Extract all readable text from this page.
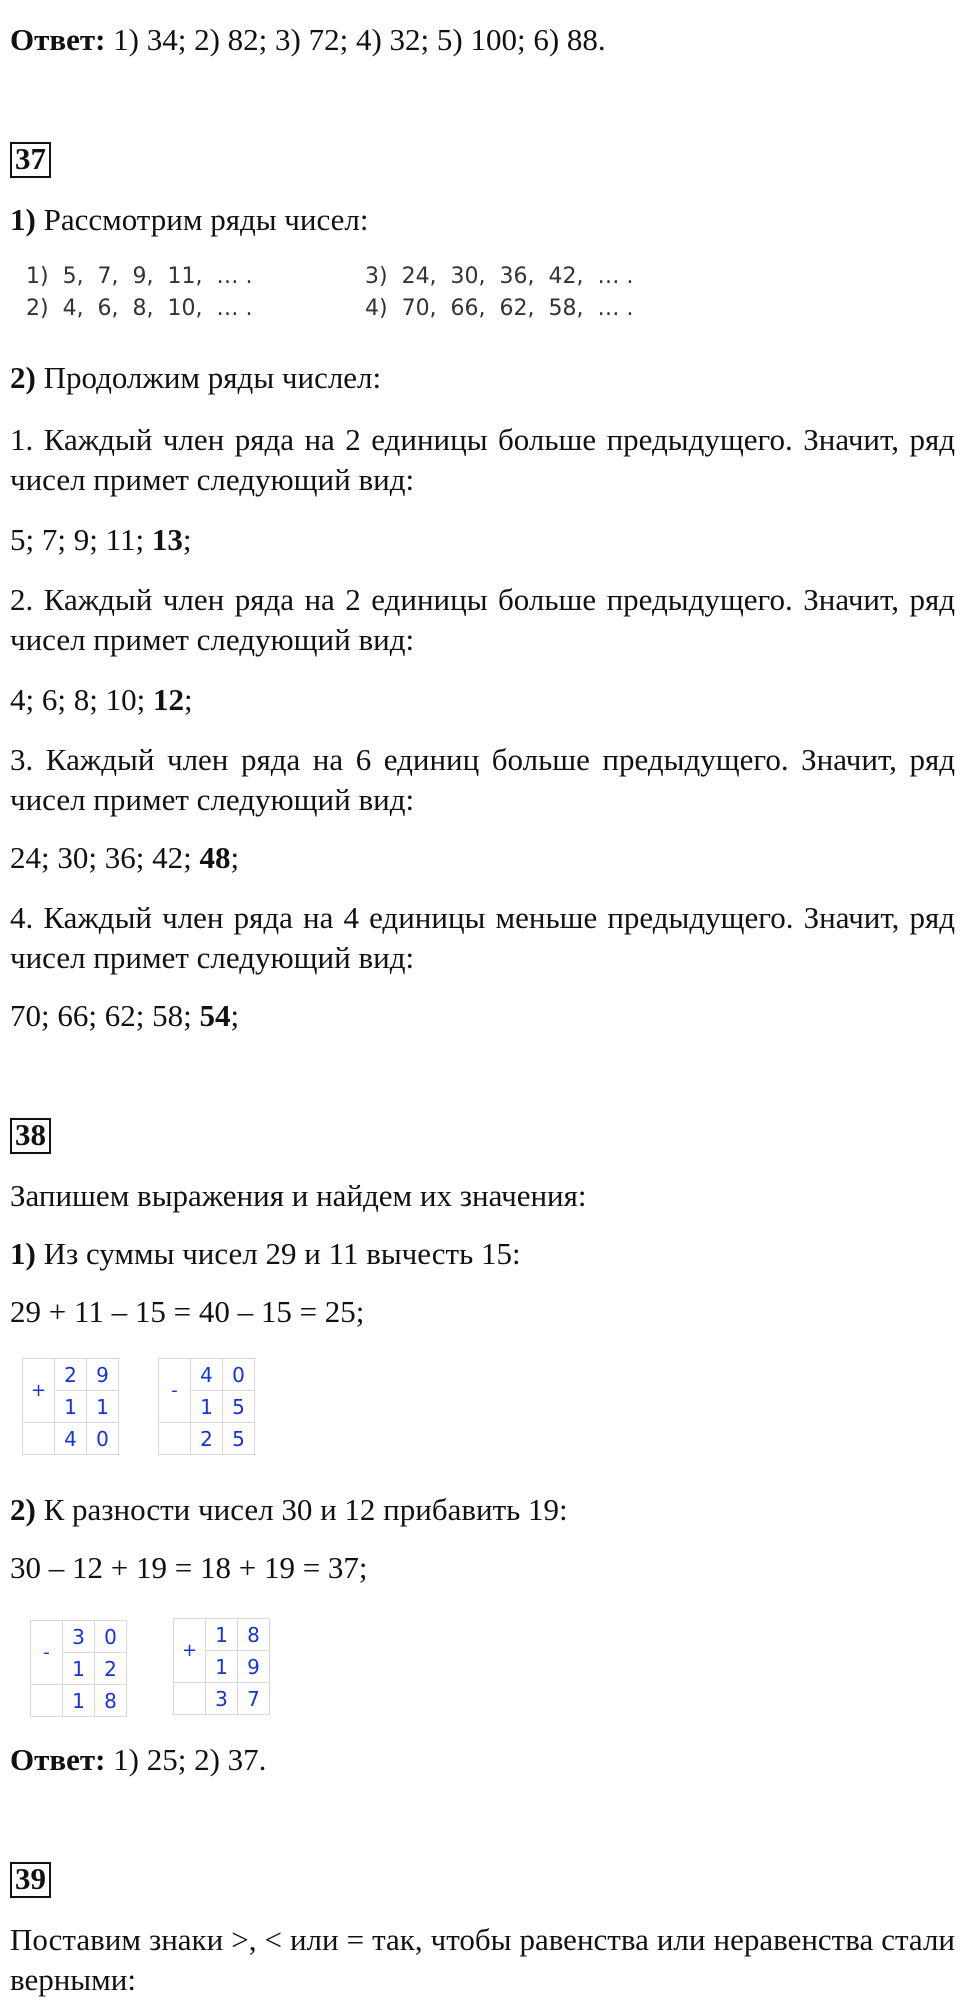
Ответ: 1) 34; 2) 82; 3) 72; 4) 32; 5) 100; 6) 88.

37

1) Рассмотрим ряды чисел:

1)  5,  7,  9,  11,  … .
2)  4,  6,  8,  10,  … .
3)  24,  30,  36,  42,  … .
4)  70,  66,  62,  58,  … .

2) Продолжим ряды числел:

1. Каждый член ряда на 2 единицы больше предыдущего. Значит, ряд чисел примет следующий вид:

5; 7; 9; 11; 13;

2. Каждый член ряда на 2 единицы больше предыдущего. Значит, ряд чисел примет следующий вид:

4; 6; 8; 10; 12;

3. Каждый член ряда на 6 единиц больше предыдущего. Значит, ряд чисел примет следующий вид:

24; 30; 36; 42; 48;

4. Каждый член ряда на 4 единицы меньше предыдущего. Значит, ряд чисел примет следующий вид:

70; 66; 62; 58; 54;

38

Запишем выражения и найдем их значения:

1) Из суммы чисел 29 и 11 вычесть 15:

29 + 11 – 15 = 40 – 15 = 25;

+	2	9
	1	1
	4	0
-	4	0
	1	5
	2	5

2) К разности чисел 30 и 12 прибавить 19:

30 – 12 + 19 = 18 + 19 = 37;

-	3	0
	1	2
	1	8
+	1	8
	1	9
	3	7

Ответ: 1) 25; 2) 37.

39

Поставим знаки >, < или = так, чтобы равенства или неравенства стали верными:
